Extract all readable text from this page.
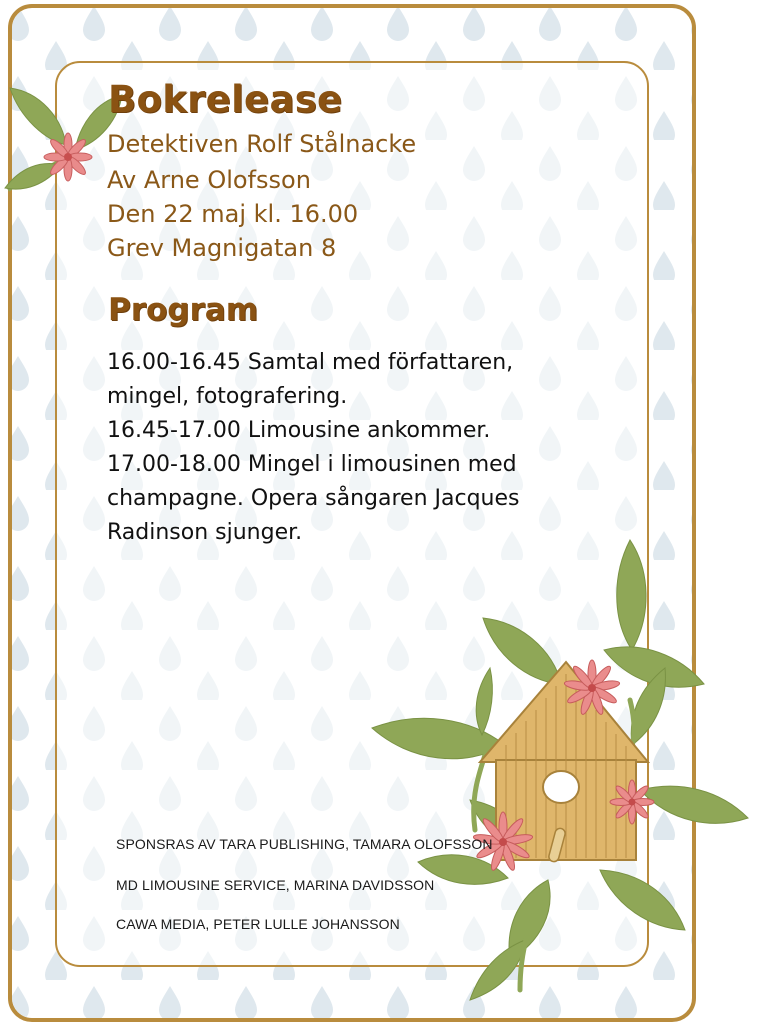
Bokrelease
Detektiven Rolf Stålnacke
Av Arne Olofsson
Den 22 maj kl. 16.00
Grev Magnigatan 8
Program

16.00-16.45 Samtal med författaren, mingel, fotografering.

16.45-17.00 Limousine ankommer.

17.00-18.00 Mingel i limousinen med champagne. Opera sångaren Jacques Radinson sjunger.

SPONSRAS AV TARA PUBLISHING, TAMARA OLOFSSON
MD LIMOUSINE SERVICE, MARINA DAVIDSSON
CAWA MEDIA, PETER LULLE JOHANSSON
